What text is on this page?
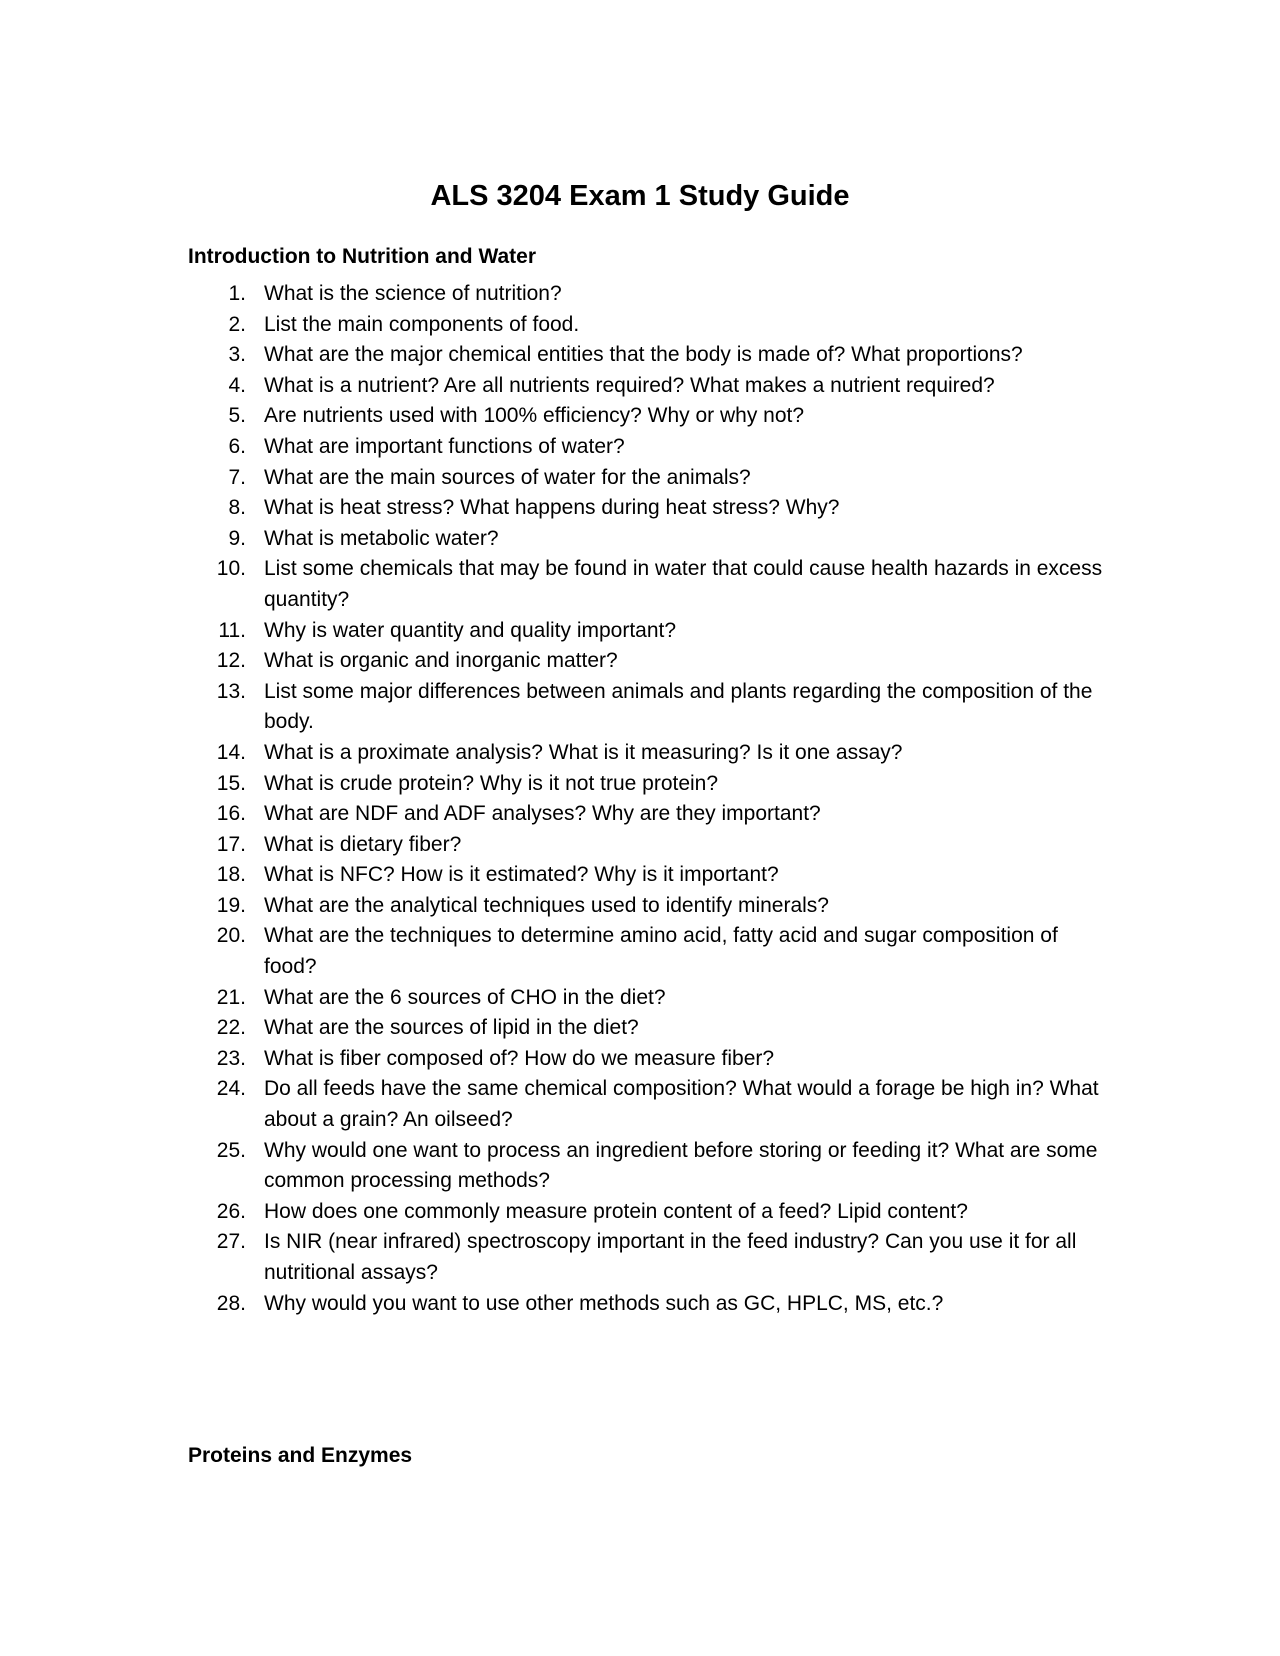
ALS 3204 Exam 1 Study Guide
Introduction to Nutrition and Water
1. What is the science of nutrition?
2. List the main components of food.
3. What are the major chemical entities that the body is made of? What proportions?
4. What is a nutrient? Are all nutrients required? What makes a nutrient required?
5. Are nutrients used with 100% efficiency? Why or why not?
6. What are important functions of water?
7. What are the main sources of water for the animals?
8. What is heat stress? What happens during heat stress? Why?
9. What is metabolic water?
10. List some chemicals that may be found in water that could cause health hazards in excess quantity?
11. Why is water quantity and quality important?
12. What is organic and inorganic matter?
13. List some major differences between animals and plants regarding the composition of the body.
14. What is a proximate analysis? What is it measuring? Is it one assay?
15. What is crude protein? Why is it not true protein?
16. What are NDF and ADF analyses? Why are they important?
17. What is dietary fiber?
18. What is NFC? How is it estimated? Why is it important?
19. What are the analytical techniques used to identify minerals?
20. What are the techniques to determine amino acid, fatty acid and sugar composition of food?
21. What are the 6 sources of CHO in the diet?
22. What are the sources of lipid in the diet?
23. What is fiber composed of? How do we measure fiber?
24. Do all feeds have the same chemical composition? What would a forage be high in? What about a grain? An oilseed?
25. Why would one want to process an ingredient before storing or feeding it? What are some common processing methods?
26. How does one commonly measure protein content of a feed? Lipid content?
27. Is NIR (near infrared) spectroscopy important in the feed industry? Can you use it for all nutritional assays?
28. Why would you want to use other methods such as GC, HPLC, MS, etc.?
Proteins and Enzymes
